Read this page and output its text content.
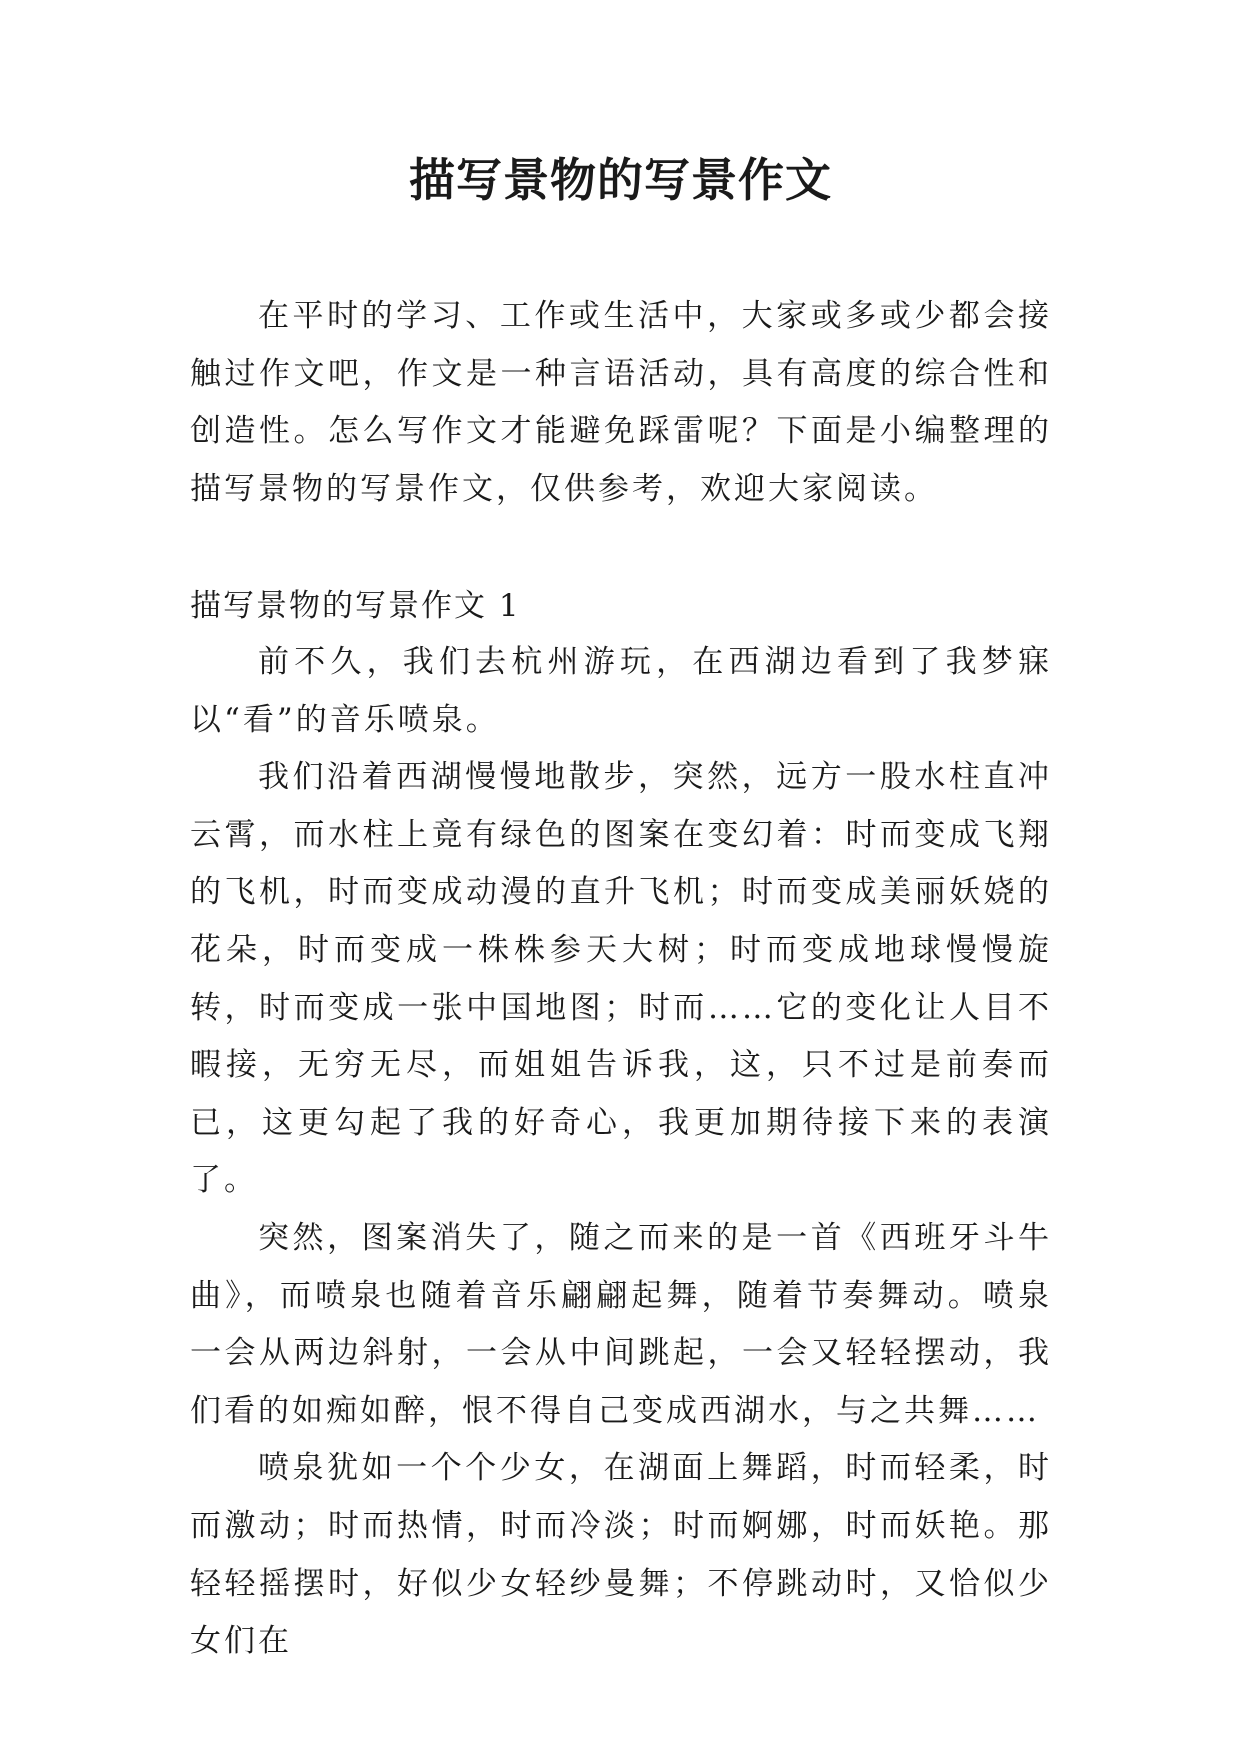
描写景物的写景作文

在平时的学习、工作或生活中，大家或多或少都会接触过作文吧，作文是一种言语活动，具有高度的综合性和创造性。怎么写作文才能避免踩雷呢？下面是小编整理的描写景物的写景作文，仅供参考，欢迎大家阅读。

描写景物的写景作文 1

前不久，我们去杭州游玩，在西湖边看到了我梦寐以“看”的音乐喷泉。

我们沿着西湖慢慢地散步，突然，远方一股水柱直冲云霄，而水柱上竟有绿色的图案在变幻着：时而变成飞翔的飞机，时而变成动漫的直升飞机；时而变成美丽妖娆的花朵，时而变成一株株参天大树；时而变成地球慢慢旋转，时而变成一张中国地图；时而……它的变化让人目不暇接，无穷无尽，而姐姐告诉我，这，只不过是前奏而已，这更勾起了我的好奇心，我更加期待接下来的表演了。

突然，图案消失了，随之而来的是一首《西班牙斗牛曲》，而喷泉也随着音乐翩翩起舞，随着节奏舞动。喷泉一会从两边斜射，一会从中间跳起，一会又轻轻摆动，我们看的如痴如醉，恨不得自己变成西湖水，与之共舞……

喷泉犹如一个个少女，在湖面上舞蹈，时而轻柔，时而激动；时而热情，时而冷淡；时而婀娜，时而妖艳。那轻轻摇摆时，好似少女轻纱曼舞；不停跳动时，又恰似少女们在
